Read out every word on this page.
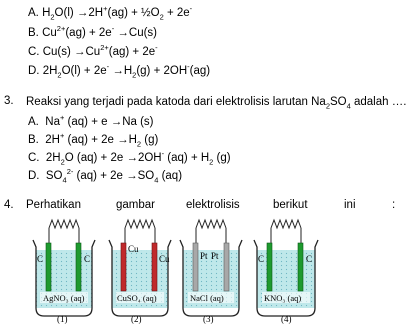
A. $H_2O(l) \to 2H^+(ag)$ + $\frac{1}{2}O_2 + 2e^-$
B. $Cu^{2+}(ag) + 2e^- \to Cu(s)$
C. $Cu(s) \to Cu^{2+}(ag) + 2e^-$
D. $2H_2O(l) + 2e^- \to H_2(g) + 2OH^-(ag)$
3. Reaksi yang terjadi pada katoda dari elektrolisis larutan $Na_2SO_4$ adalah ….
A.  Na+ (aq) + e →Na (s)
B.  2H+ $(aq) + 2e \to H_2$ (g)
C.  $2H_2O$ (aq) + 2e →2OH- $(aq) + H_2$ (g)
D.  $SO_4^{2-}$ $(aq) + 2e \to SO_4$ (aq)
4. Perhatikan	gambar	elektrolisis	berikut	ini	:
C	C
AgNO₃ (aq)
(1)
Cu
Cu
CuSO₄ (aq)
(2)
Pt Pt
NaCl (aq)
(3)
C	C
KNO₃ (aq)
(4)
